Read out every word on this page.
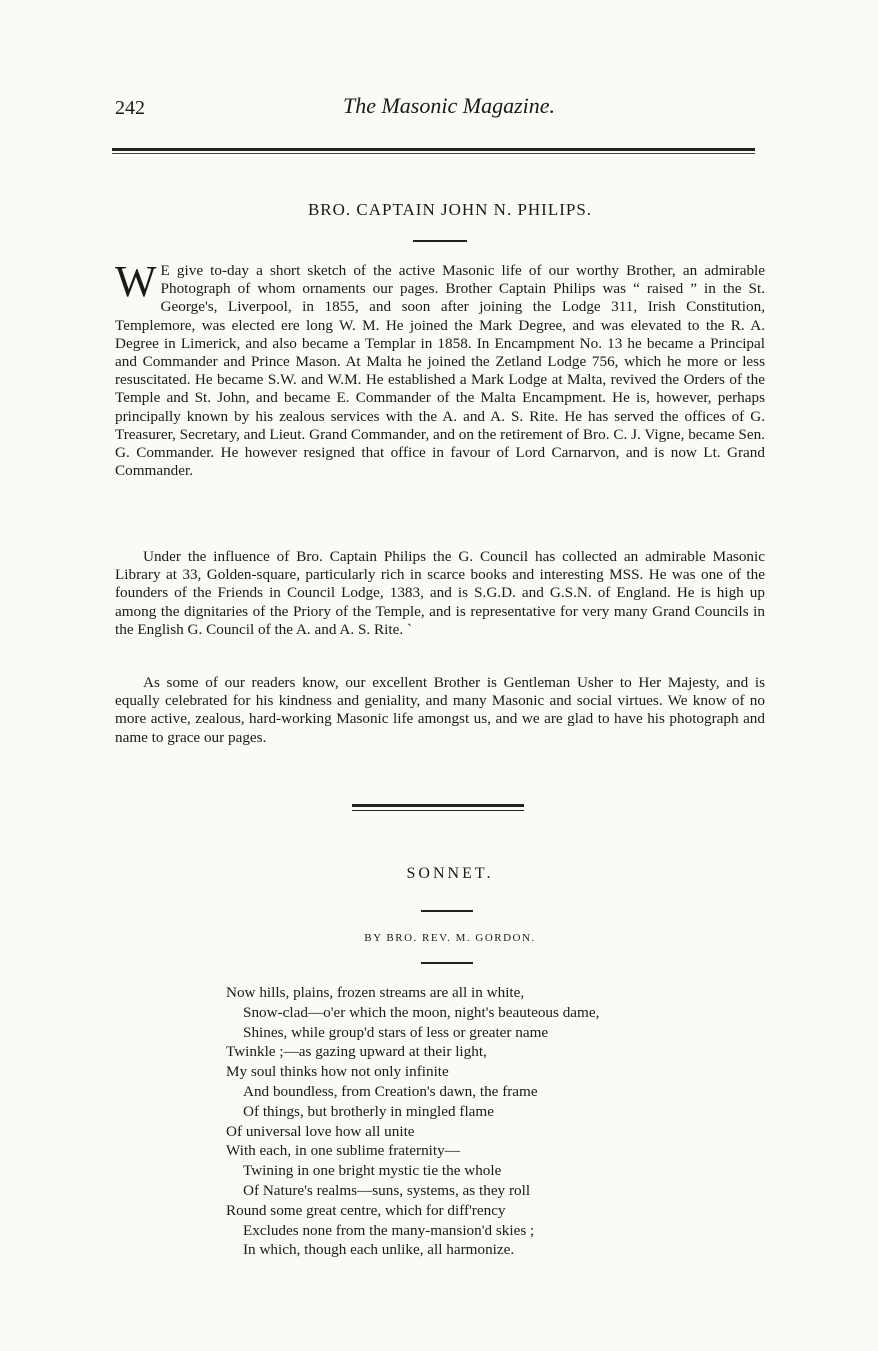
242	The Masonic Magazine.
BRO. CAPTAIN JOHN N. PHILIPS.

W E give to-day a short sketch of the active Masonic life of our worthy Brother, an admirable Photograph of whom ornaments our pages. Brother Captain Philips was “ raised ” in the St. George's, Liverpool, in 1855, and soon after joining the Lodge 311, Irish Constitution, Templemore, was elected ere long W. M. He joined the Mark Degree, and was elevated to the R. A. Degree in Limerick, and also became a Templar in 1858. In Encampment No. 13 he became a Principal and Commander and Prince Mason. At Malta he joined the Zetland Lodge 756, which he more or less resuscitated. He became S.W. and W.M. He established a Mark Lodge at Malta, revived the Orders of the Temple and St. John, and became E. Commander of the Malta Encampment. He is, however, perhaps principally known by his zealous services with the A. and A. S. Rite. He has served the offices of G. Treasurer, Secretary, and Lieut. Grand Commander, and on the retirement of Bro. C. J. Vigne, became Sen. G. Commander. He however resigned that office in favour of Lord Carnarvon, and is now Lt. Grand Commander.

Under the influence of Bro. Captain Philips the G. Council has collected an admirable Masonic Library at 33, Golden-square, particularly rich in scarce books and interesting MSS. He was one of the founders of the Friends in Council Lodge, 1383, and is S.G.D. and G.S.N. of England. He is high up among the dignitaries of the Priory of the Temple, and is representative for very many Grand Councils in the English G. Council of the A. and A. S. Rite. `

As some of our readers know, our excellent Brother is Gentleman Usher to Her Majesty, and is equally celebrated for his kindness and geniality, and many Masonic and social virtues. We know of no more active, zealous, hard-working Masonic life amongst us, and we are glad to have his photograph and name to grace our pages.

SONNET.
BY BRO. REV. M. GORDON.
Now hills, plains, frozen streams are all in white,
Snow-clad—o'er which the moon, night's beauteous dame,
Shines, while group'd stars of less or greater name
Twinkle ;—as gazing upward at their light,
My soul thinks how not only infinite
And boundless, from Creation's dawn, the frame
Of things, but brotherly in mingled flame
Of universal love how all unite
With each, in one sublime fraternity—
Twining in one bright mystic tie the whole
Of Nature's realms—suns, systems, as they roll
Round some great centre, which for diff'rency
Excludes none from the many-mansion'd skies ;
In which, though each unlike, all harmonize.
